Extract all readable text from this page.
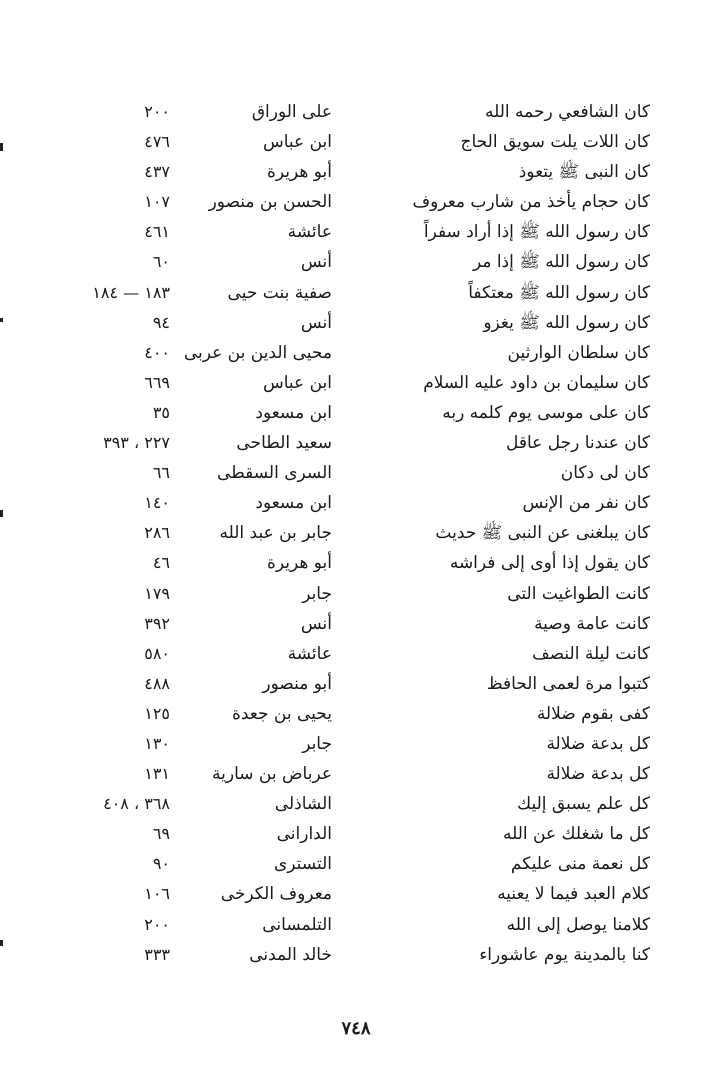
كان الشافعي رحمه الله
على الوراق
٢٠٠
كان اللات يلت سويق الحاج
ابن عباس
٤٧٦
كان النبى ﷺ يتعوذ
أبو هريرة
٤٣٧
كان حجام يأخذ من شارب معروف
الحسن بن منصور
١٠٧
كان رسول الله ﷺ إذا أراد سفراً
عائشة
٤٦١
كان رسول الله ﷺ إذا مر
أنس
٦٠
كان رسول الله ﷺ معتكفاً
صفية بنت حيى
١٨٣ — ١٨٤
كان رسول الله ﷺ يغزو
أنس
٩٤
كان سلطان الوارثين
محيى الدين بن عربى
٤٠٠
كان سليمان بن داود عليه السلام
ابن عباس
٦٦٩
كان على موسى يوم كلمه ربه
ابن مسعود
٣٥
كان عندنا رجل عاقل
سعيد الطاحى
٢٢٧ ، ٣٩٣
كان لى دكان
السرى السقطى
٦٦
كان نفر من الإنس
ابن مسعود
١٤٠
كان يبلغنى عن النبى ﷺ حديث
جابر بن عبد الله
٢٨٦
كان يقول إذا أوى إلى فراشه
أبو هريرة
٤٦
كانت الطواغيت التى
جابر
١٧٩
كانت عامة وصية
أنس
٣٩٢
كانت ليلة النصف
عائشة
٥٨٠
كتبوا مرة لعمى الحافظ
أبو منصور
٤٨٨
كفى بقوم ضلالة
يحيى بن جعدة
١٢٥
كل بدعة ضلالة
جابر
١٣٠
كل بدعة ضلالة
عرباض بن سارية
١٣١
كل علم يسبق إليك
الشاذلى
٣٦٨ ، ٤٠٨
كل ما شغلك عن الله
الدارانى
٦٩
كل نعمة منى عليكم
التسترى
٩٠
كلام العبد فيما لا يعنيه
معروف الكرخى
١٠٦
كلامنا يوصل إلى الله
التلمسانى
٢٠٠
كنا بالمدينة يوم عاشوراء
خالد المدنى
٣٣٣
٧٤٨
